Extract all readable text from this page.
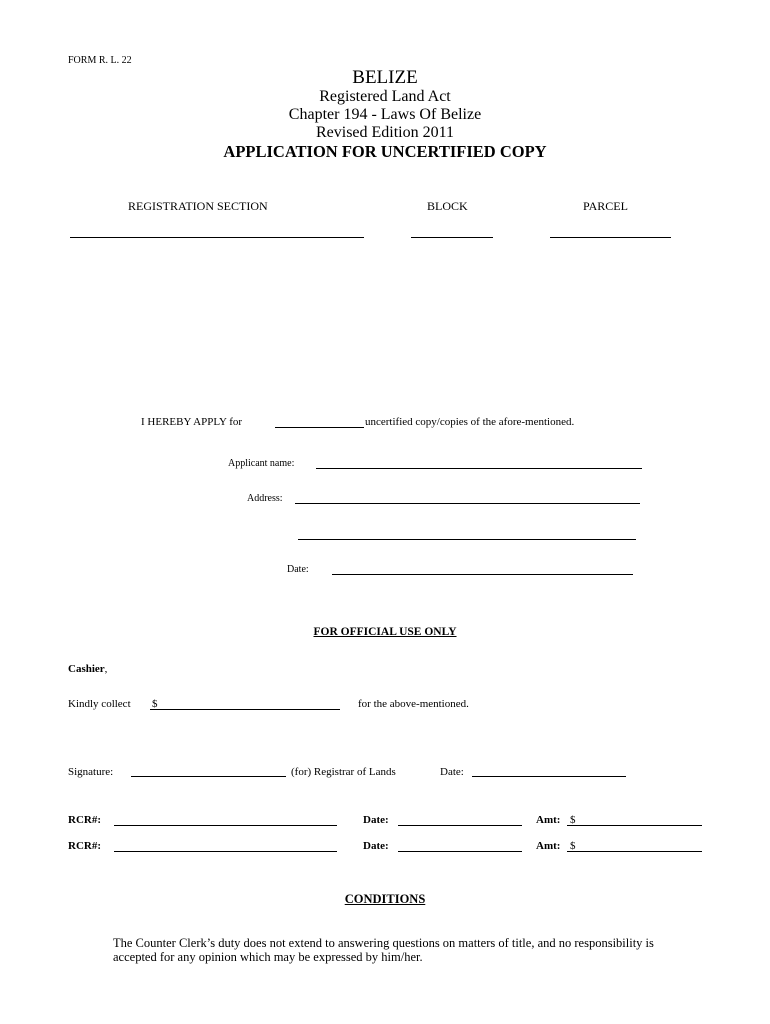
FORM R. L. 22
BELIZE
Registered Land Act
Chapter 194 - Laws Of Belize
Revised Edition 2011
APPLICATION FOR UNCERTIFIED COPY
REGISTRATION SECTION	BLOCK	PARCEL
I HEREBY APPLY for	uncertified copy/copies of the afore-mentioned.
Applicant name:
Address:
Date:
FOR OFFICIAL USE ONLY
Cashier,
Kindly collect $	for the above-mentioned.
Signature:	(for) Registrar of Lands	Date:
RCR#:	Date:	Amt: $
RCR#:	Date:	Amt: $
CONDITIONS
The Counter Clerk’s duty does not extend to answering questions on matters of title, and no responsibility is accepted for any opinion which may be expressed by him/her.
